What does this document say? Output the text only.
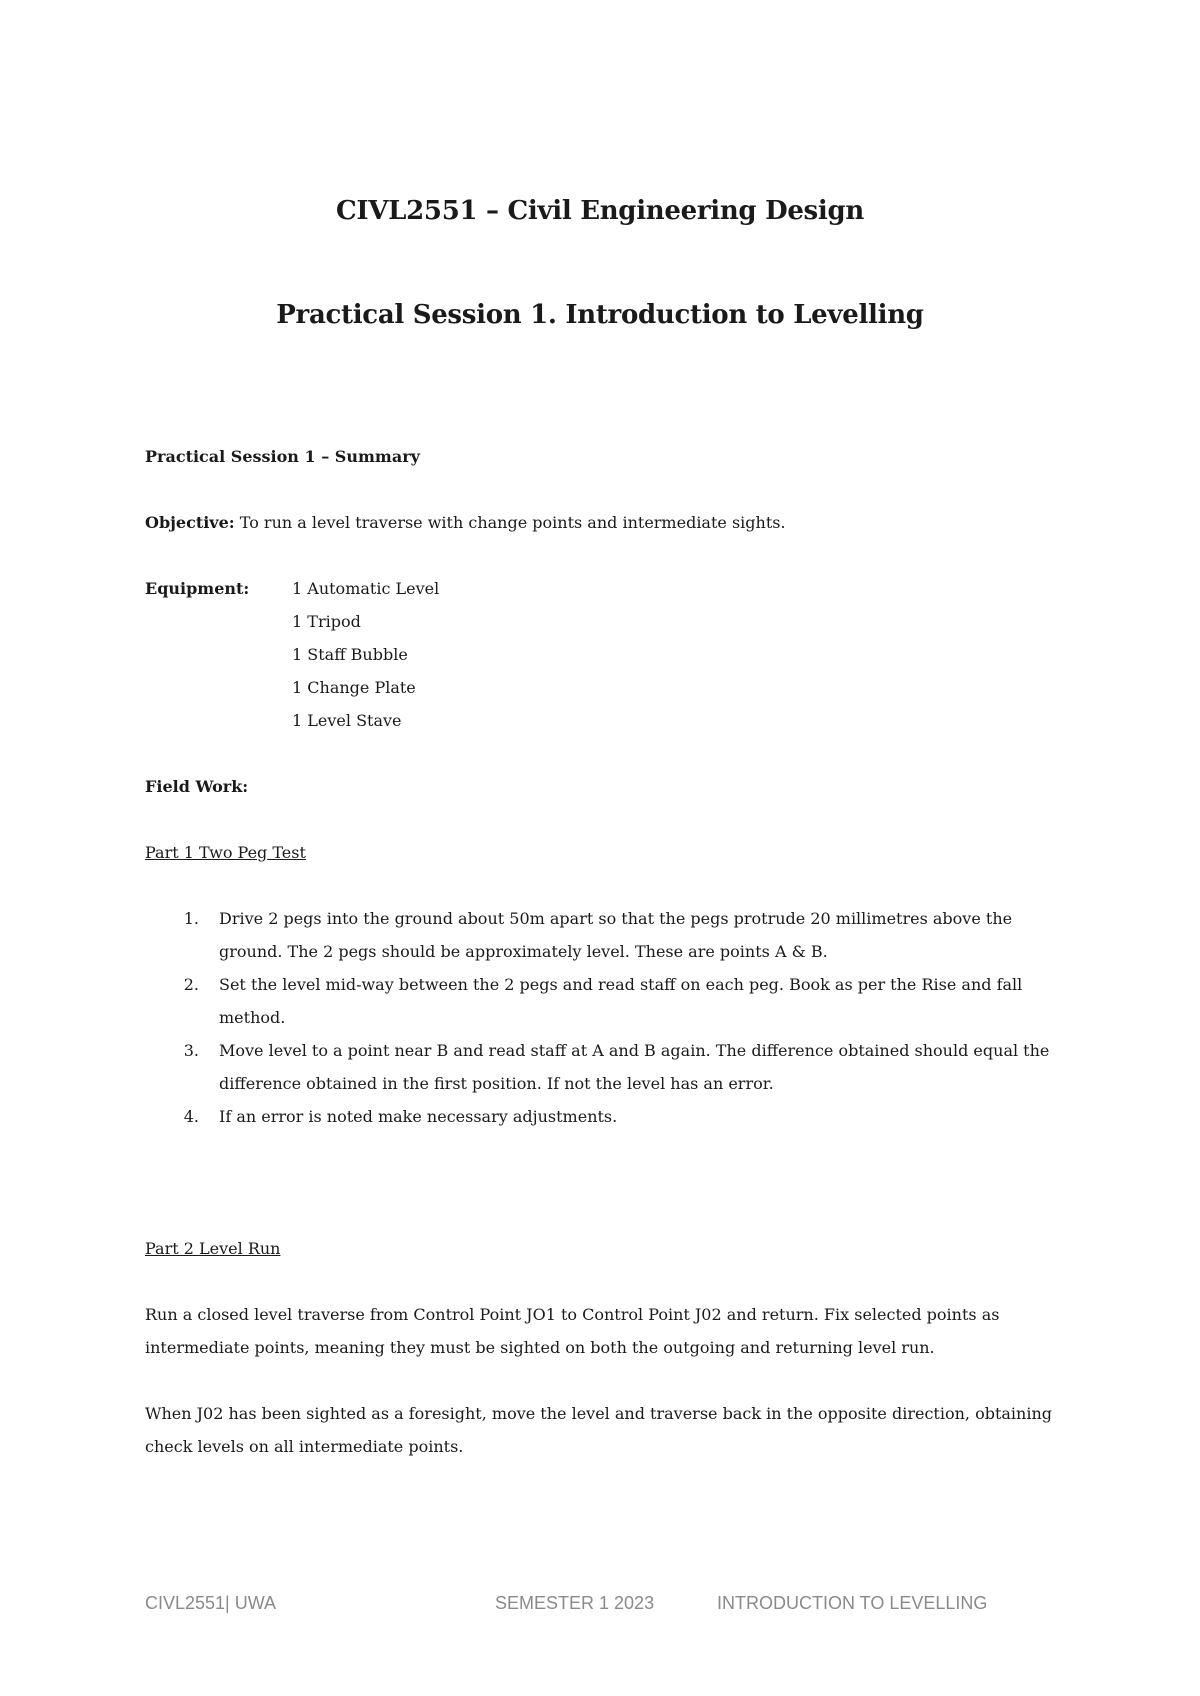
CIVL2551 – Civil Engineering Design
Practical Session 1. Introduction to Levelling
Practical Session 1 – Summary
Objective: To run a level traverse with change points and intermediate sights.
Equipment:	1 Automatic Level
1 Tripod
1 Staff Bubble
1 Change Plate
1 Level Stave
Field Work:
Part 1 Two Peg Test
1.	Drive 2 pegs into the ground about 50m apart so that the pegs protrude 20 millimetres above the ground. The 2 pegs should be approximately level. These are points A & B.
2.	Set the level mid-way between the 2 pegs and read staff on each peg. Book as per the Rise and fall method.
3.	Move level to a point near B and read staff at A and B again. The difference obtained should equal the difference obtained in the first position. If not the level has an error.
4.	If an error is noted make necessary adjustments.
Part 2 Level Run

Run a closed level traverse from Control Point JO1 to Control Point J02 and return. Fix selected points as intermediate points, meaning they must be sighted on both the outgoing and returning level run.

When J02 has been sighted as a foresight, move the level and traverse back in the opposite direction, obtaining check levels on all intermediate points.

CIVL2551| UWA	SEMESTER 1 2023	INTRODUCTION TO LEVELLING
